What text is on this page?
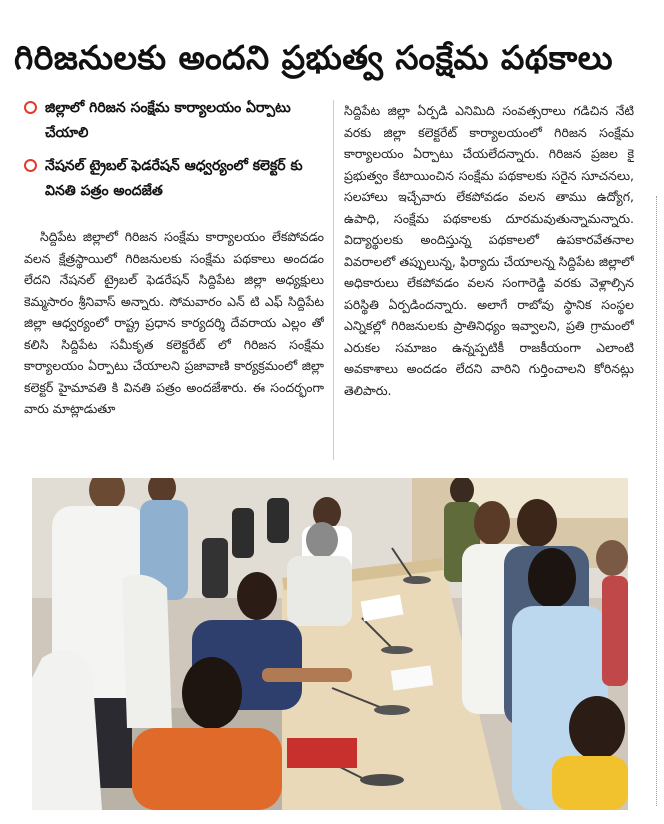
గిరిజనులకు అందని ప్రభుత్వ సంక్షేమ పథకాలు
జిల్లాలో గిరిజన సంక్షేమ కార్యాలయం ఏర్పాటు చేయాలి
నేషనల్ ట్రైబల్ ఫెడరేషన్ ఆధ్వర్యంలో కలెక్టర్ కు వినతి పత్రం అందజేత

సిద్దిపేట జిల్లాలో గిరిజన సంక్షేమ కార్యాలయం లేకపోవడం వలన క్షేత్రస్థాయిలో గిరిజనులకు సంక్షేమ పథకాలు అందడం లేదని నేషనల్ ట్రైబల్ ఫెడరేషన్ సిద్దిపేట జిల్లా అధ్యక్షులు కెమ్మసారం శ్రీనివాస్ అన్నారు. సోమవారం ఎన్ టి ఎఫ్ సిద్దిపేట జిల్లా ఆధ్వర్యంలో రాష్ట్ర ప్రధాన కార్యదర్శి దేవరాయ ఎల్లం తో కలిసి సిద్దిపేట సమీకృత కలెక్టరేట్ లో గిరిజన సంక్షేమ కార్యాలయం ఏర్పాటు చేయాలని ప్రజావాణి కార్యక్రమంలో జిల్లా కలెక్టర్ హైమావతి కి వినతి పత్రం అందజేశారు. ఈ సందర్భంగా వారు మాట్లాడుతూ

సిద్దిపేట జిల్లా ఏర్పడి ఎనిమిది సంవత్సరాలు గడిచిన నేటి వరకు జిల్లా కలెక్టరేట్ కార్యాలయంలో గిరిజన సంక్షేమ కార్యాలయం ఏర్పాటు చేయలేదన్నారు. గిరిజన ప్రజల కై ప్రభుత్వం కేటాయించిన సంక్షేమ పథకాలకు సరైన సూచనలు, సలహాలు ఇచ్చేవారు లేకపోవడం వలన తాము ఉద్యోగ, ఉపాధి, సంక్షేమ పథకాలకు దూరమవుతున్నామన్నారు. విద్యార్థులకు అందిస్తున్న పథకాలలో ఉపకారవేతనాల వివరాలలో తప్పులున్న, ఫిర్యాదు చేయాలన్న సిద్దిపేట జిల్లాలో అధికారులు లేకపోవడం వలన సంగారెడ్డి వరకు వెళ్లాల్సిన పరిస్థితి ఏర్పడిందన్నారు. అలాగే రాబోవు స్థానిక సంస్థల ఎన్నికల్లో గిరిజనులకు ప్రాతినిధ్యం ఇవ్వాలని, ప్రతి గ్రామంలో ఎరుకల సమాజం ఉన్నప్పటికీ రాజకీయంగా ఎలాంటి అవకాశాలు అందడం లేదని వారిని గుర్తించాలని కోరినట్లు తెలిపారు.
